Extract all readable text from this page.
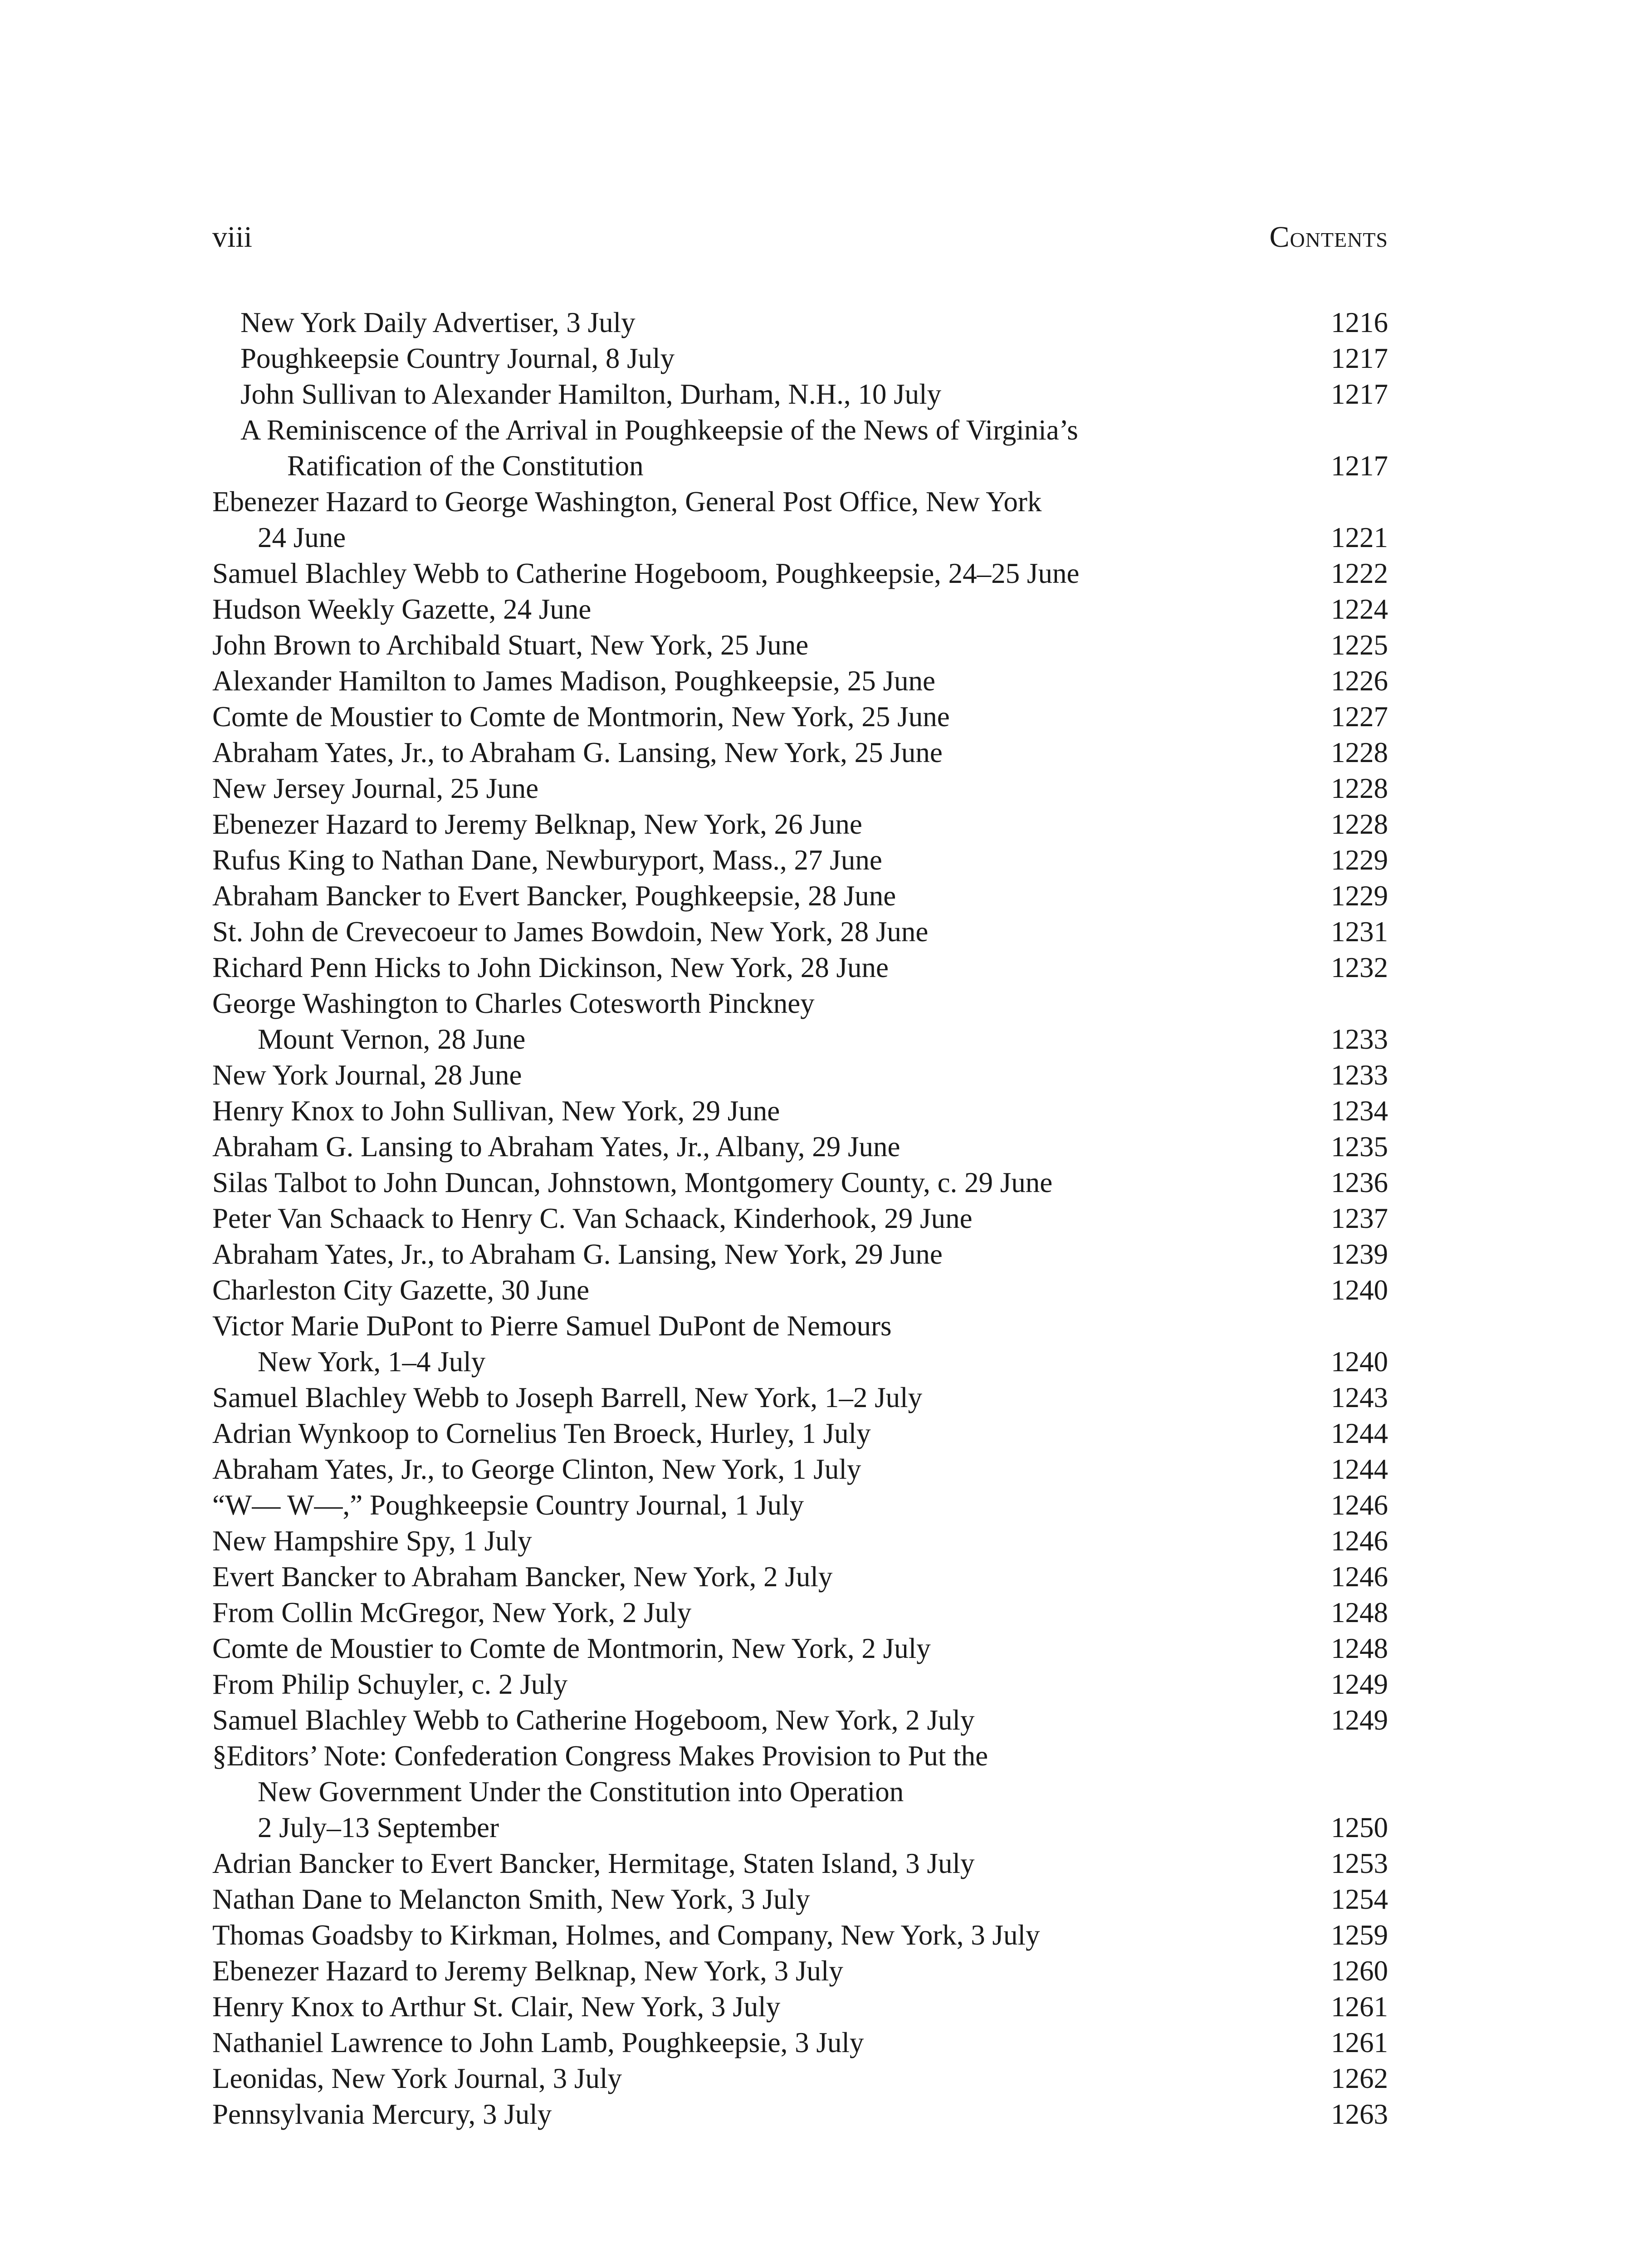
viii	Contents
New York Daily Advertiser, 3 July	1216
Poughkeepsie Country Journal, 8 July	1217
John Sullivan to Alexander Hamilton, Durham, N.H., 10 July	1217
A Reminiscence of the Arrival in Poughkeepsie of the News of Virginia’s
Ratification of the Constitution	1217
Ebenezer Hazard to George Washington, General Post Office, New York
24 June	1221
Samuel Blachley Webb to Catherine Hogeboom, Poughkeepsie, 24–25 June	1222
Hudson Weekly Gazette, 24 June	1224
John Brown to Archibald Stuart, New York, 25 June	1225
Alexander Hamilton to James Madison, Poughkeepsie, 25 June	1226
Comte de Moustier to Comte de Montmorin, New York, 25 June	1227
Abraham Yates, Jr., to Abraham G. Lansing, New York, 25 June	1228
New Jersey Journal, 25 June	1228
Ebenezer Hazard to Jeremy Belknap, New York, 26 June	1228
Rufus King to Nathan Dane, Newburyport, Mass., 27 June	1229
Abraham Bancker to Evert Bancker, Poughkeepsie, 28 June	1229
St. John de Crevecoeur to James Bowdoin, New York, 28 June	1231
Richard Penn Hicks to John Dickinson, New York, 28 June	1232
George Washington to Charles Cotesworth Pinckney
Mount Vernon, 28 June	1233
New York Journal, 28 June	1233
Henry Knox to John Sullivan, New York, 29 June	1234
Abraham G. Lansing to Abraham Yates, Jr., Albany, 29 June	1235
Silas Talbot to John Duncan, Johnstown, Montgomery County, c. 29 June	1236
Peter Van Schaack to Henry C. Van Schaack, Kinderhook, 29 June	1237
Abraham Yates, Jr., to Abraham G. Lansing, New York, 29 June	1239
Charleston City Gazette, 30 June	1240
Victor Marie DuPont to Pierre Samuel DuPont de Nemours
New York, 1–4 July	1240
Samuel Blachley Webb to Joseph Barrell, New York, 1–2 July	1243
Adrian Wynkoop to Cornelius Ten Broeck, Hurley, 1 July	1244
Abraham Yates, Jr., to George Clinton, New York, 1 July	1244
“W— W—,” Poughkeepsie Country Journal, 1 July	1246
New Hampshire Spy, 1 July	1246
Evert Bancker to Abraham Bancker, New York, 2 July	1246
From Collin McGregor, New York, 2 July	1248
Comte de Moustier to Comte de Montmorin, New York, 2 July	1248
From Philip Schuyler, c. 2 July	1249
Samuel Blachley Webb to Catherine Hogeboom, New York, 2 July	1249
§Editors’ Note: Confederation Congress Makes Provision to Put the
New Government Under the Constitution into Operation
2 July–13 September	1250
Adrian Bancker to Evert Bancker, Hermitage, Staten Island, 3 July	1253
Nathan Dane to Melancton Smith, New York, 3 July	1254
Thomas Goadsby to Kirkman, Holmes, and Company, New York, 3 July	1259
Ebenezer Hazard to Jeremy Belknap, New York, 3 July	1260
Henry Knox to Arthur St. Clair, New York, 3 July	1261
Nathaniel Lawrence to John Lamb, Poughkeepsie, 3 July	1261
Leonidas, New York Journal, 3 July	1262
Pennsylvania Mercury, 3 July	1263
